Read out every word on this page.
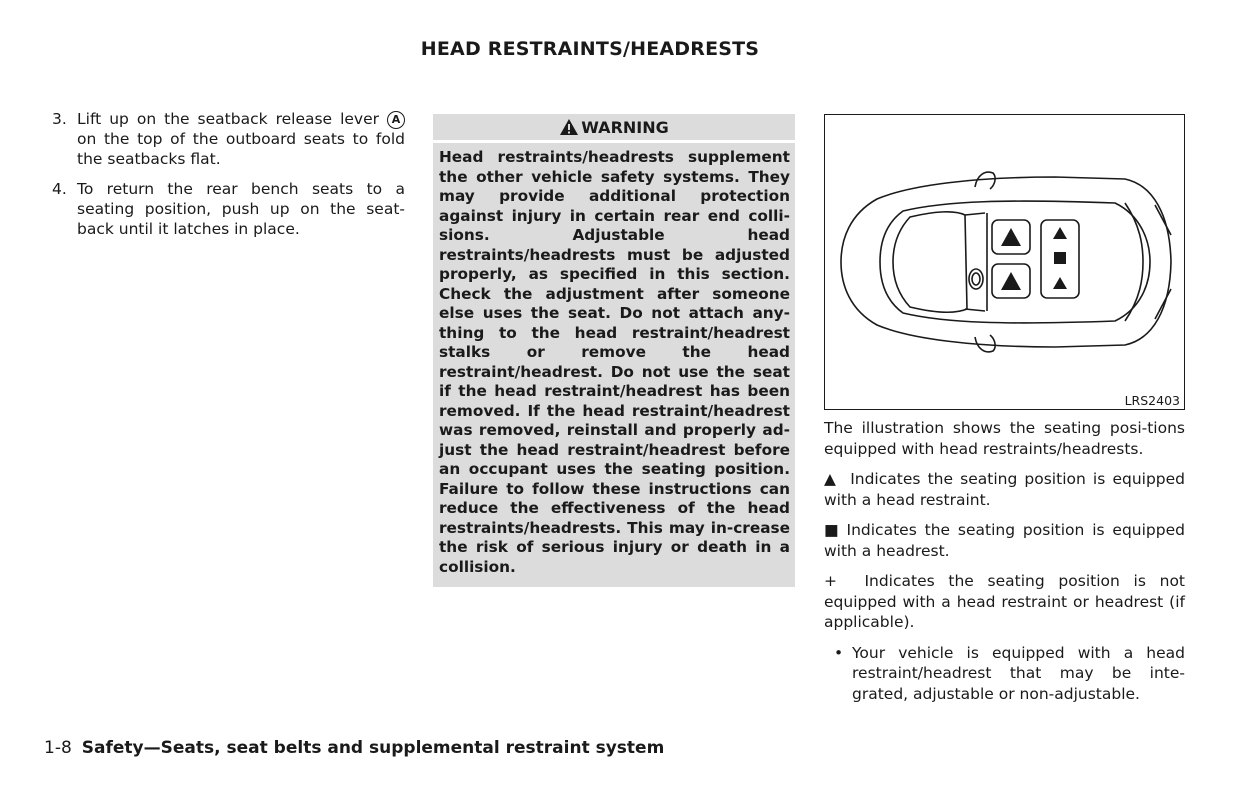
HEAD RESTRAINTS/HEADRESTS
3. Lift up on the seatback release lever A on the top of the outboard seats to fold the seatbacks flat.
4. To return the rear bench seats to a seating position, push up on the seat-back until it latches in place.
WARNING
Head restraints/headrests supplement the other vehicle safety systems. They may provide additional protection against injury in certain rear end colli-sions. Adjustable head restraints/headrests must be adjusted properly, as specified in this section. Check the adjustment after someone else uses the seat. Do not attach any-thing to the head restraint/headrest stalks or remove the head restraint/headrest. Do not use the seat if the head restraint/headrest has been removed. If the head restraint/headrest was removed, reinstall and properly ad-just the head restraint/headrest before an occupant uses the seating position. Failure to follow these instructions can reduce the effectiveness of the head restraints/headrests. This may in-crease the risk of serious injury or death in a collision.
LRS2403
The illustration shows the seating posi-tions equipped with head restraints/headrests.
▲ Indicates the seating position is equipped with a head restraint.
■ Indicates the seating position is equipped with a headrest.
+ Indicates the seating position is not equipped with a head restraint or headrest (if applicable).
• Your vehicle is equipped with a head restraint/headrest that may be inte-grated, adjustable or non-adjustable.
1-8 Safety—Seats, seat belts and supplemental restraint system
